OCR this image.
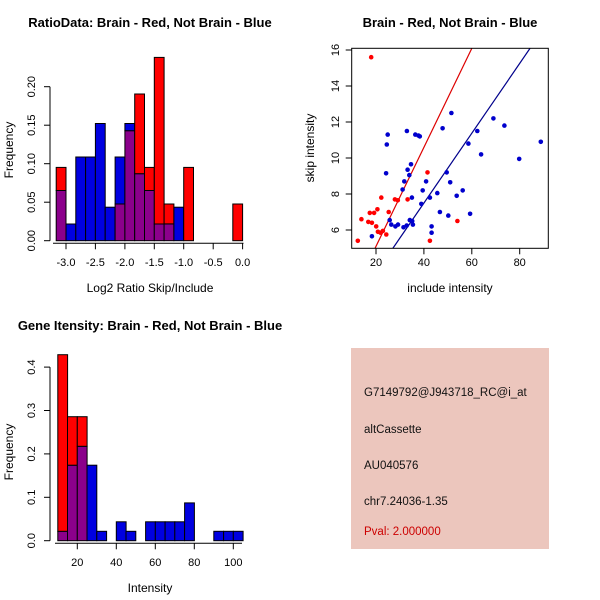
-3.0 -2.5 -2.0 -1.5 -1.0 -0.5 0.0
0.00
0.05
0.10
0.15
0.20
RatioData: Brain - Red, Not Brain - Blue
Log2 Ratio Skip/Include
Frequency
20	40	60	80
6
8
10
12
14
16
Brain - Red, Not Brain - Blue
include intensity
skip intensity
20 40 60 80 100
0.0
0.1
0.2
0.3
0.4
Gene Itensity: Brain - Red, Not Brain - Blue
Intensity
Frequency
G7149792@J943718_RC@i_at
altCassette
AU040576
chr7.24036-1.35
Pval: 2.000000
